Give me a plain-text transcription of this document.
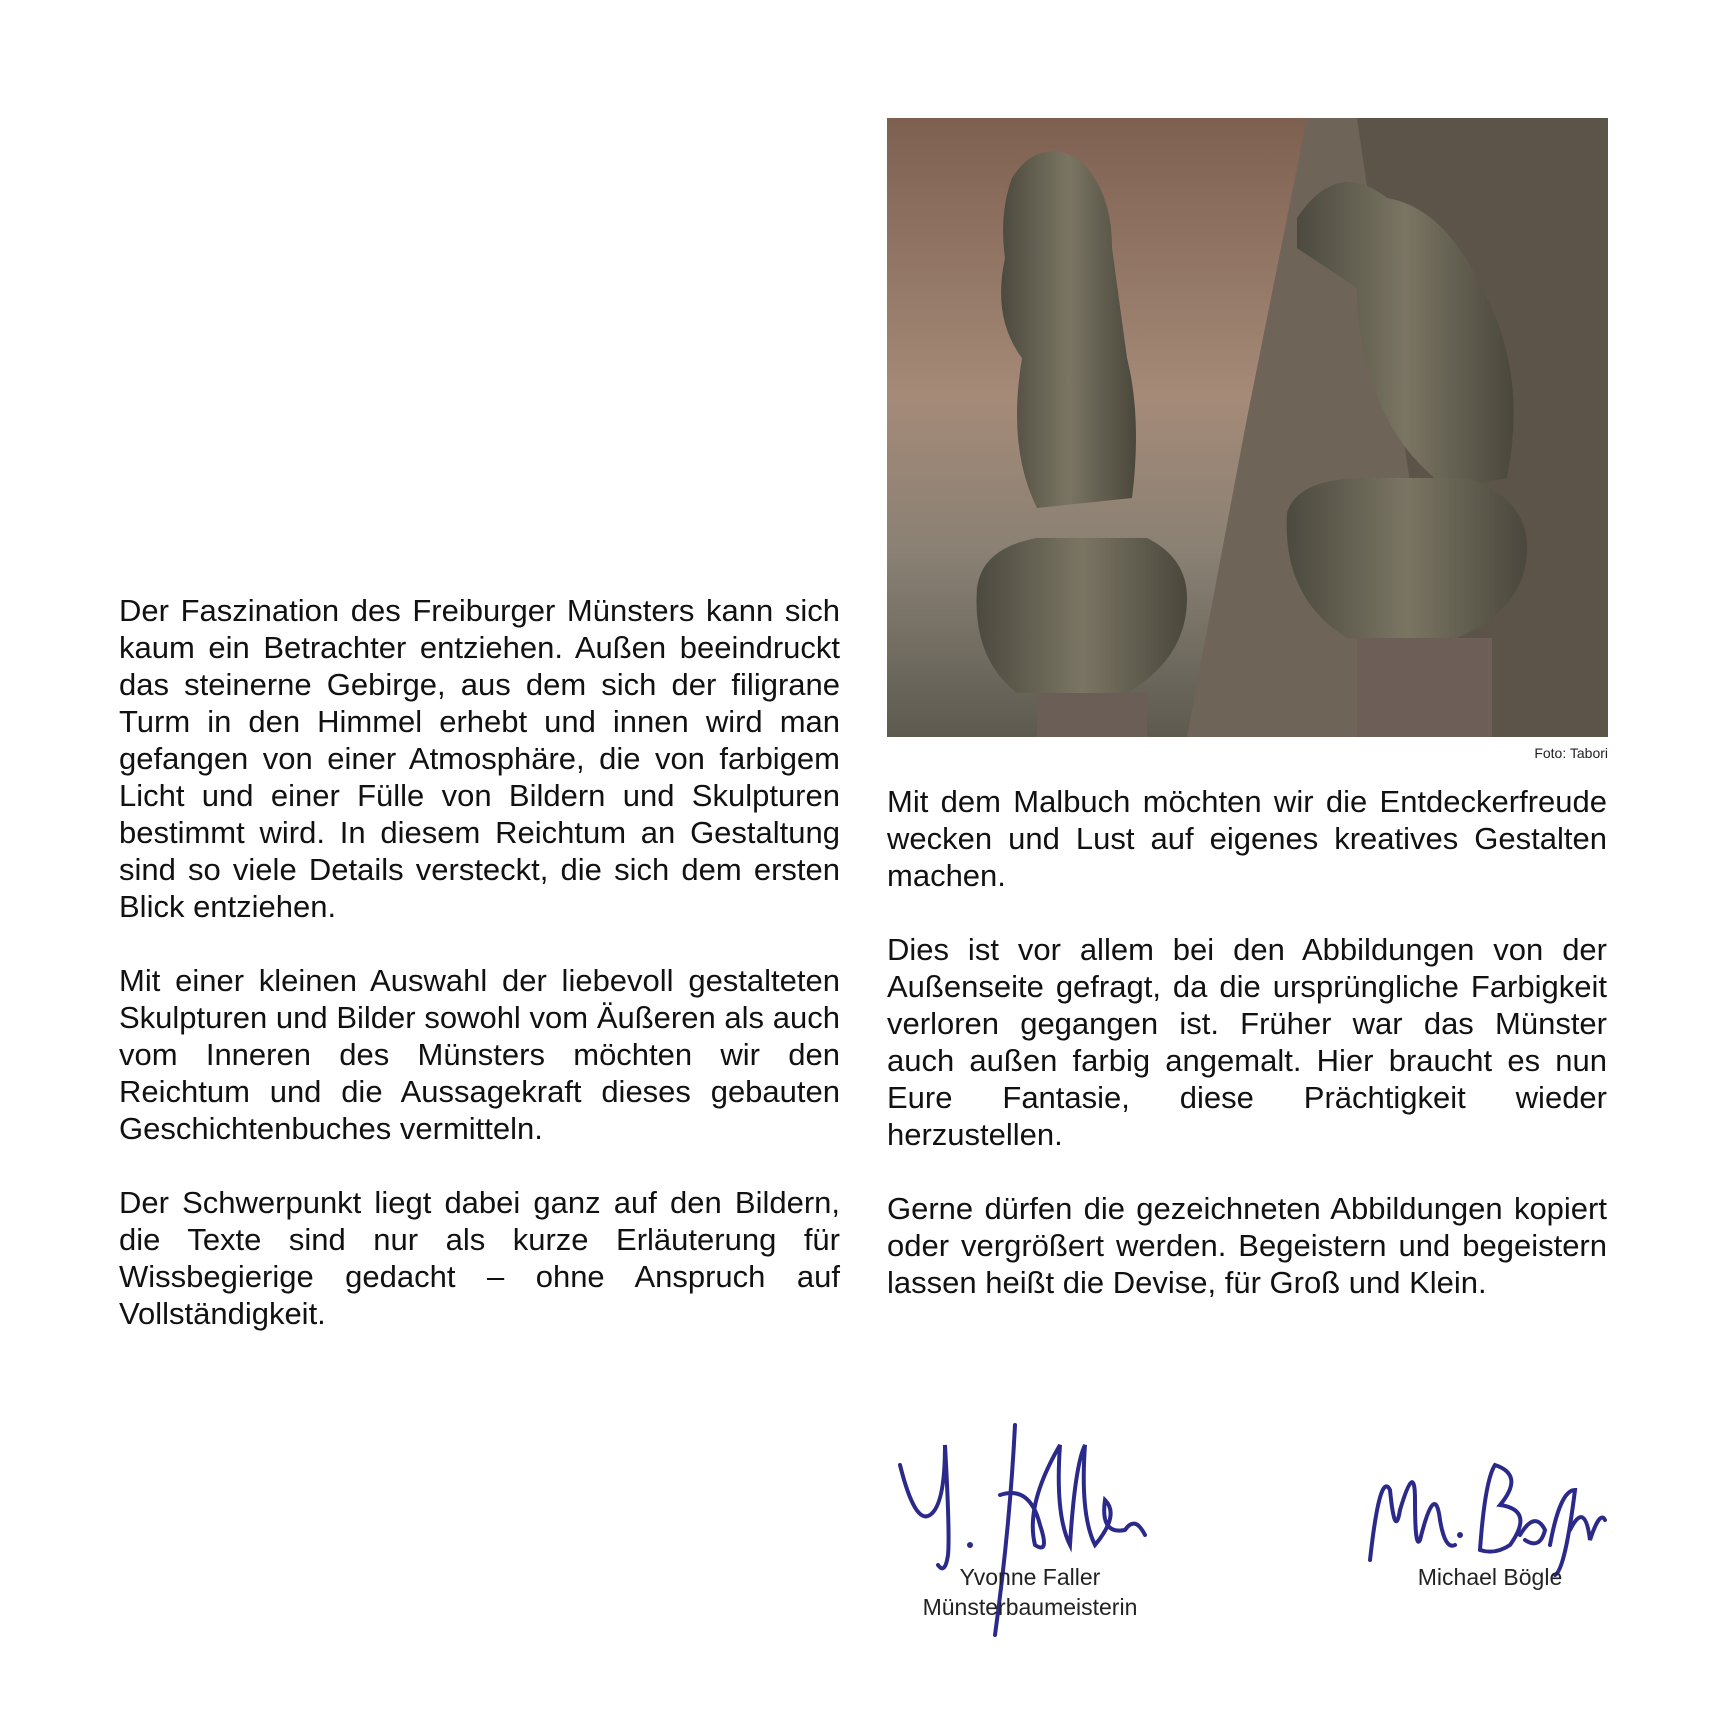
Foto: Tabori

Der Faszination des Freiburger Münsters kann sich kaum ein Betrachter entziehen. Außen beeindruckt das steinerne Gebirge, aus dem sich der filigrane Turm in den Himmel erhebt und innen wird man gefangen von einer Atmosphäre, die von farbigem Licht und einer Fülle von Bildern und Skulpturen bestimmt wird. In diesem Reichtum an Gestaltung sind so viele Details versteckt, die sich dem ersten Blick entziehen.

Mit einer kleinen Auswahl der liebevoll gestalteten Skulpturen und Bilder sowohl vom Äußeren als auch vom Inneren des Münsters möchten wir den Reichtum und die Aussagekraft dieses gebauten Geschichtenbuches vermitteln.

Der Schwerpunkt liegt dabei ganz auf den Bildern, die Texte sind nur als kurze Erläuterung für Wissbegierige gedacht – ohne Anspruch auf Vollständigkeit.

Mit dem Malbuch möchten wir die Entdeckerfreude wecken und Lust auf eigenes kreatives Gestalten machen.

Dies ist vor allem bei den Abbildungen von der Außenseite gefragt, da die ursprüngliche Farbigkeit verloren gegangen ist. Früher war das Münster auch außen farbig angemalt. Hier braucht es nun Eure Fantasie, diese Prächtigkeit wieder herzustellen.

Gerne dürfen die gezeichneten Abbildungen kopiert oder vergrößert werden. Begeistern und begeistern lassen heißt die Devise, für Groß und Klein.

Yvonne Faller
Münsterbaumeisterin
Michael Bögle
